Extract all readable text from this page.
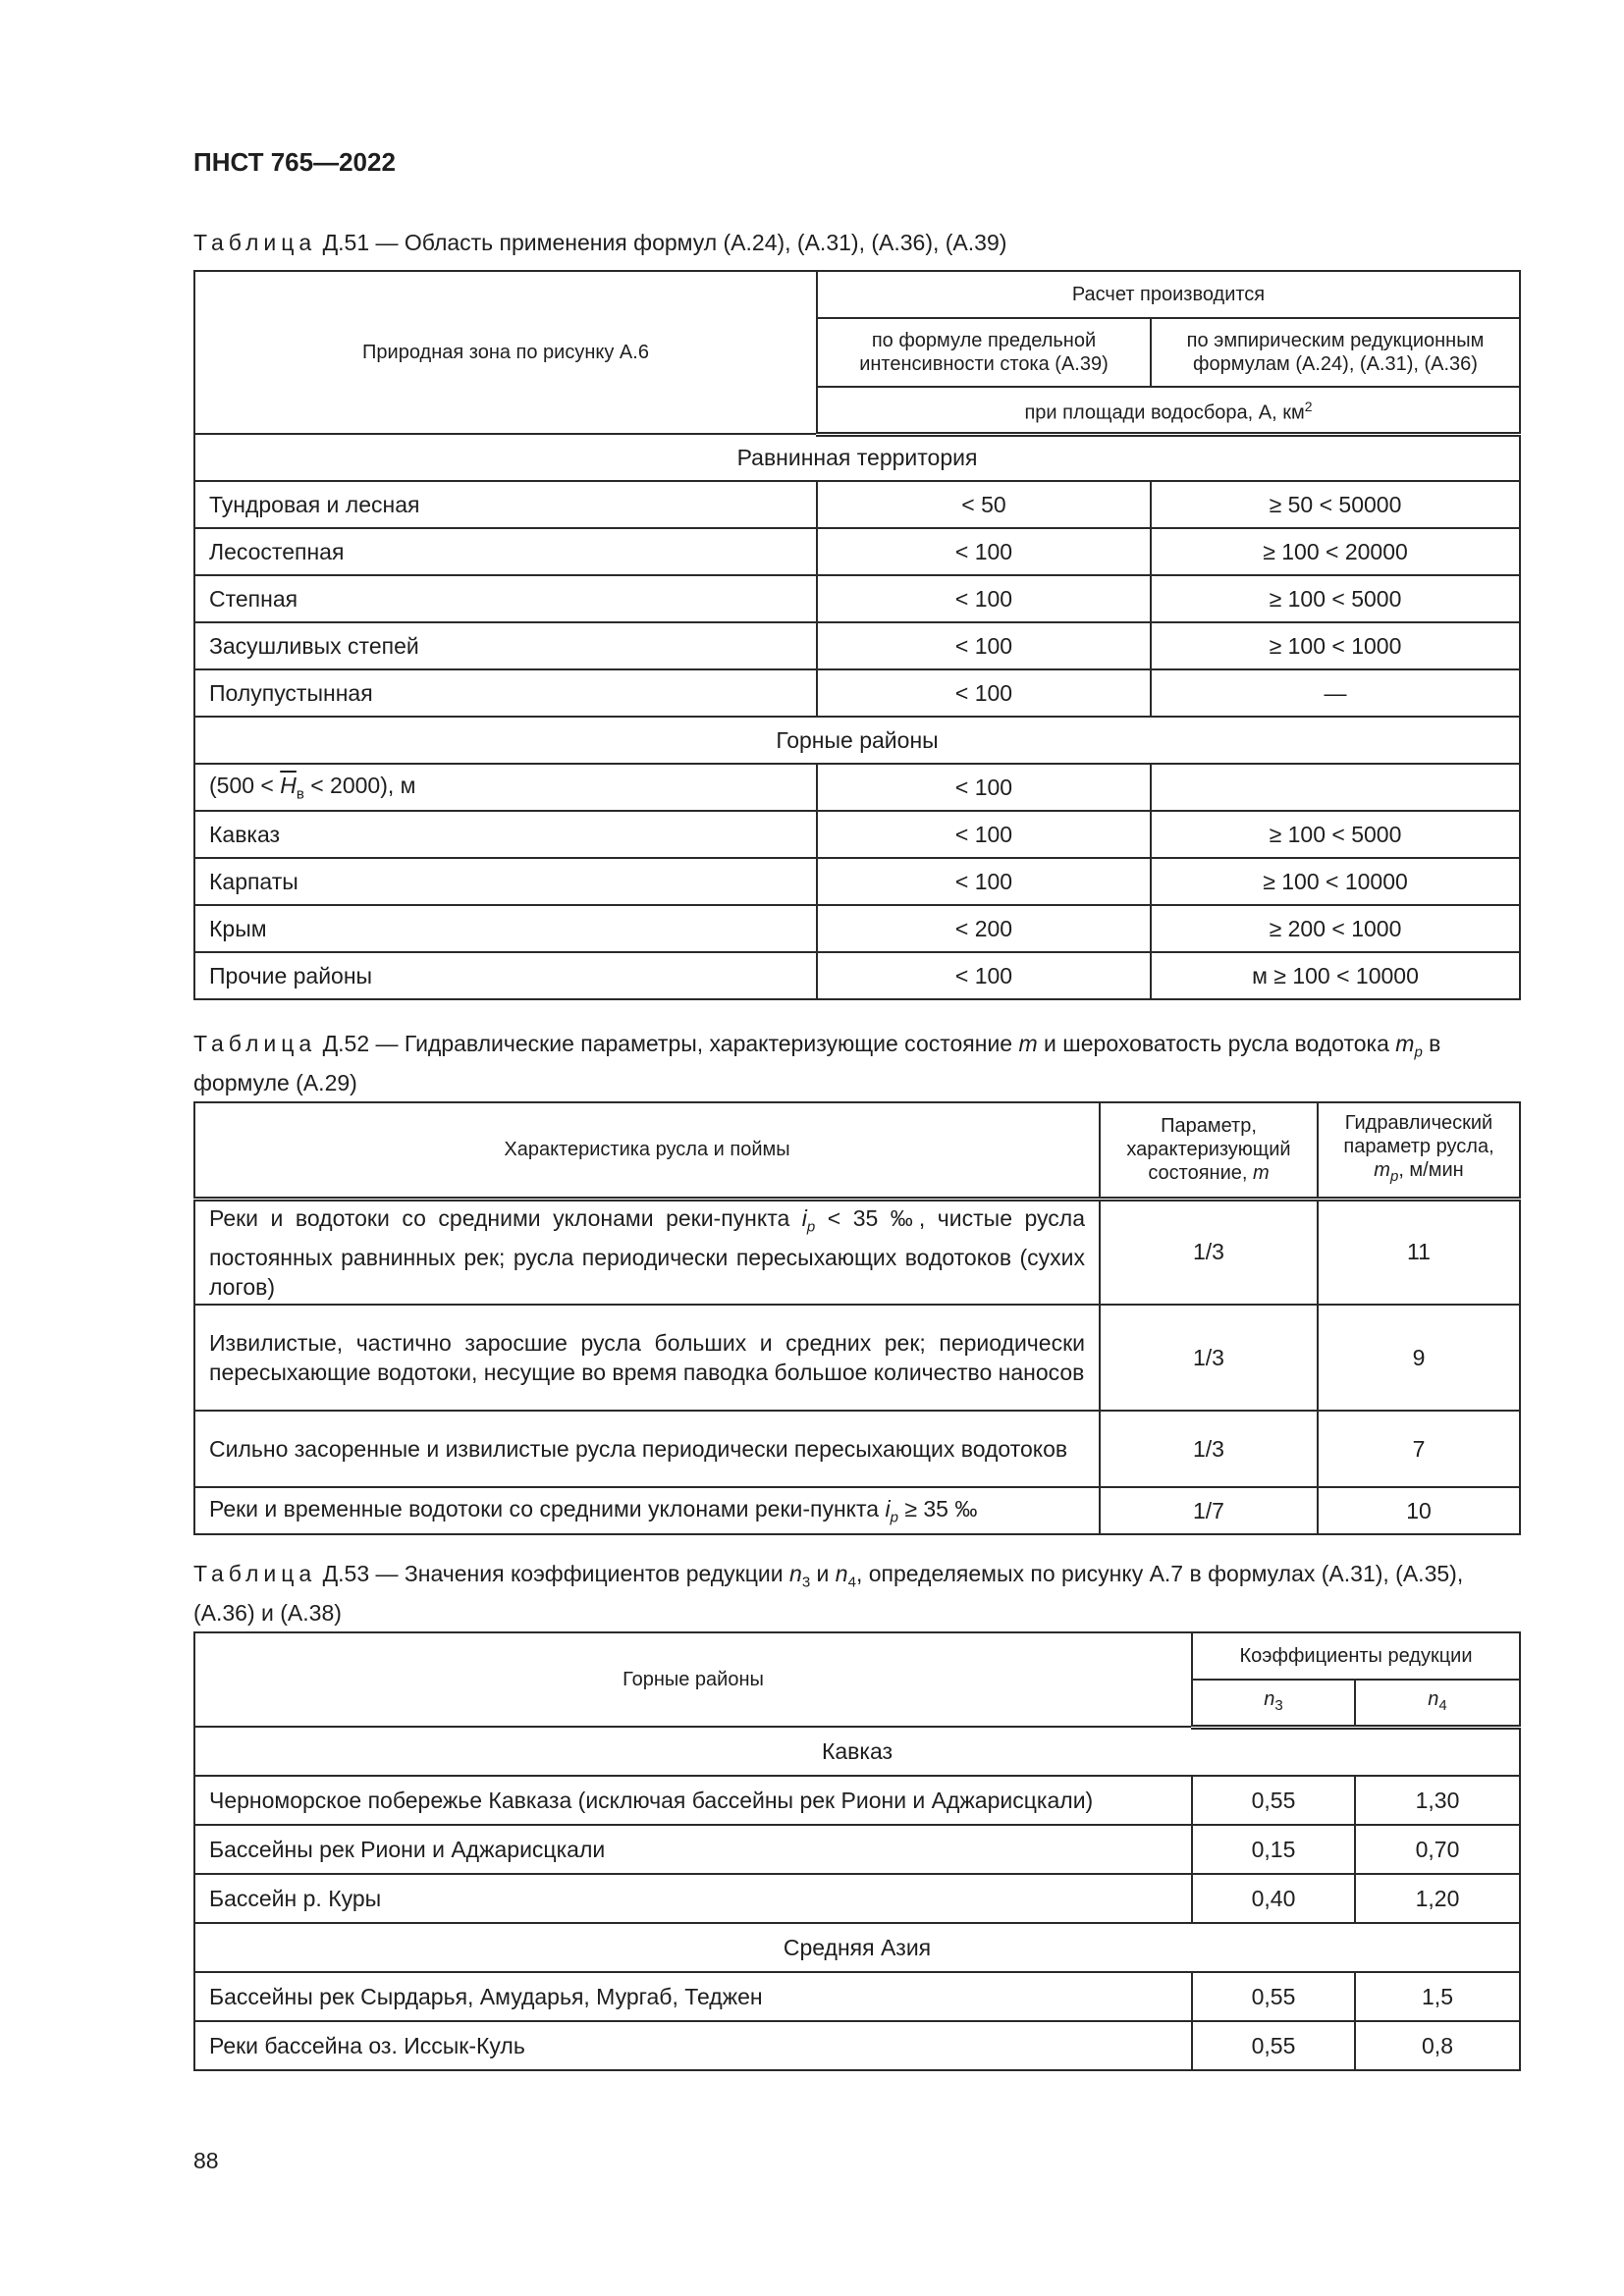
ПНСТ 765—2022
Таблица Д.51 — Область применения формул (А.24), (А.31), (А.36), (А.39)
Природная зона по рисунку А.6	Расчет производится	
	по формуле предельной интенсивности стока (А.39)	по эмпирическим редукционным формулам (А.24), (А.31), (А.36)
	при площади водосбора, А, $км^2$
Равнинная территория		
Тундровая и лесная	< 50	≥ 50 < 50000
Лесостепная	< 100	≥ 100 < 20000
Степная	< 100	≥ 100 < 5000
Засушливых степей	< 100	≥ 100 < 1000
Полупустынная	< 100	—
Горные районы		
$(500 < \overline{H}_в < 2000)$, м	< 100	
Кавказ	< 100	≥ 100 < 5000
Карпаты	< 100	≥ 100 < 10000
Крым	< 200	≥ 200 < 1000
Прочие районы	< 100	м ≥ 100 < 10000
Таблица Д.52 — Гидравлические параметры, характеризующие состояние m и шероховатость русла водотока $m_p$ в формуле (А.29)
Характеристика русла и поймы	Параметр, характеризующий состояние, m	Гидравлический параметр русла, $m_p$, м/мин
Реки и водотоки со средними уклонами реки-пункта $i_p < 35$ ‰, чистые русла постоянных равнинных рек; русла периодически пересыхающих водотоков (сухих логов)	1/3	11
Извилистые, частично заросшие русла больших и средних рек; периодически пересыхающие водотоки, несущие во время паводка большое количество наносов	1/3	9
Сильно засоренные и извилистые русла периодически пересыхающих водотоков	1/3	7
Реки и временные водотоки со средними уклонами реки-пункта $i_p \ge 35$ ‰	1/7	10
Таблица Д.53 — Значения коэффициентов редукции $n_3$ и $n_4$, определяемых по рисунку А.7 в формулах (А.31), (А.35), (А.36) и (А.38)
Горные районы	Коэффициенты редукции	
	$n_3$	$n_4$
Кавказ		
Черноморское побережье Кавказа (исключая бассейны рек Риони и Аджарисцкали)	0,55	1,30
Бассейны рек Риони и Аджарисцкали	0,15	0,70
Бассейн р. Куры	0,40	1,20
Средняя Азия		
Бассейны рек Сырдарья, Амударья, Мургаб, Теджен	0,55	1,5
Реки бассейна оз. Иссык-Куль	0,55	0,8
88
